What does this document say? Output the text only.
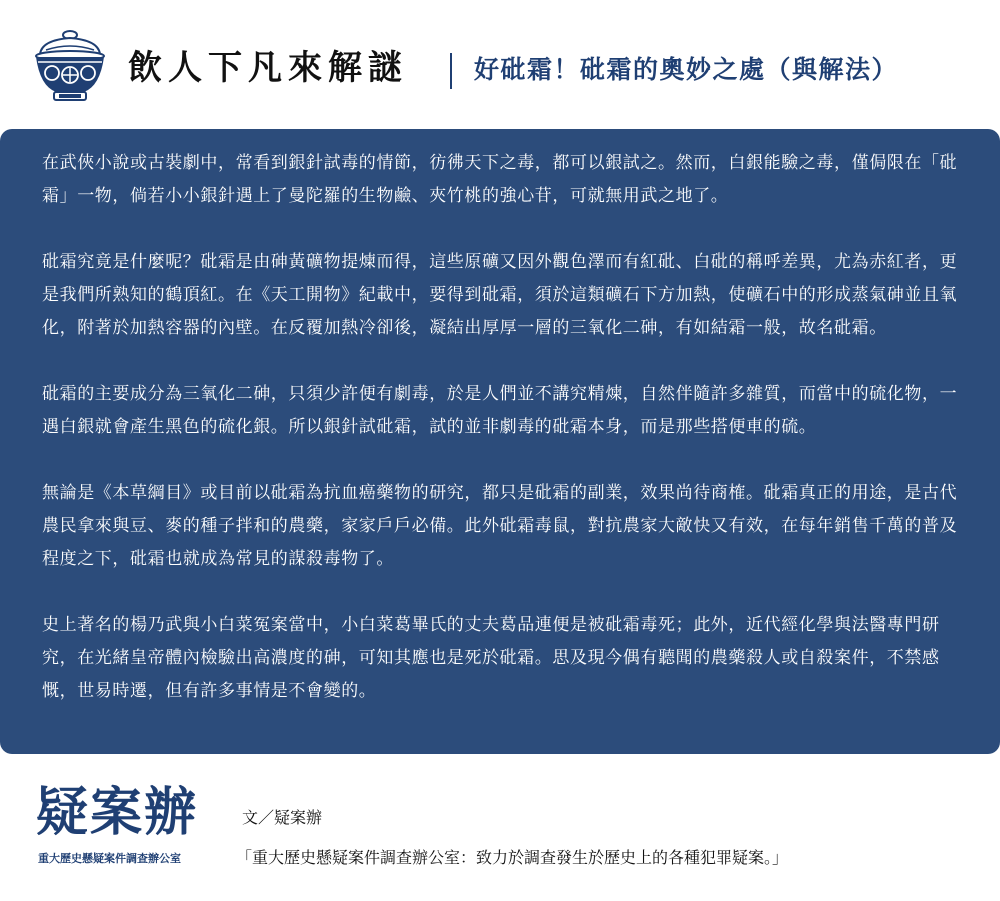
飲人下凡來解謎	好砒霜！砒霜的奧妙之處（與解法）

在武俠小說或古裝劇中，常看到銀針試毒的情節，彷彿天下之毒，都可以銀試之。然而，白銀能驗之毒，僅侷限在「砒霜」一物，倘若小小銀針遇上了曼陀羅的生物鹼、夾竹桃的強心苷，可就無用武之地了。

砒霜究竟是什麼呢？砒霜是由砷黃礦物提煉而得，這些原礦又因外觀色澤而有紅砒、白砒的稱呼差異，尤為赤紅者，更是我們所熟知的鶴頂紅。在《天工開物》紀載中，要得到砒霜，須於這類礦石下方加熱，使礦石中的形成蒸氣砷並且氧化，附著於加熱容器的內壁。在反覆加熱冷卻後，凝結出厚厚一層的三氧化二砷，有如結霜一般，故名砒霜。

砒霜的主要成分為三氧化二砷，只須少許便有劇毒，於是人們並不講究精煉，自然伴隨許多雜質，而當中的硫化物，一遇白銀就會產生黑色的硫化銀。所以銀針試砒霜，試的並非劇毒的砒霜本身，而是那些搭便車的硫。

無論是《本草綱目》或目前以砒霜為抗血癌藥物的研究，都只是砒霜的副業，效果尚待商榷。砒霜真正的用途，是古代農民拿來與豆、麥的種子拌和的農藥，家家戶戶必備。此外砒霜毒鼠，對抗農家大敵快又有效，在每年銷售千萬的普及程度之下，砒霜也就成為常見的謀殺毒物了。

史上著名的楊乃武與小白菜冤案當中，小白菜葛畢氏的丈夫葛品連便是被砒霜毒死；此外，近代經化學與法醫專門研究，在光緒皇帝體內檢驗出高濃度的砷，可知其應也是死於砒霜。思及現今偶有聽聞的農藥殺人或自殺案件，不禁感慨，世易時遷，但有許多事情是不會變的。

疑案辦
重大歷史懸疑案件調查辦公室
文／疑案辦
「重大歷史懸疑案件調查辦公室：致力於調查發生於歷史上的各種犯罪疑案。」
